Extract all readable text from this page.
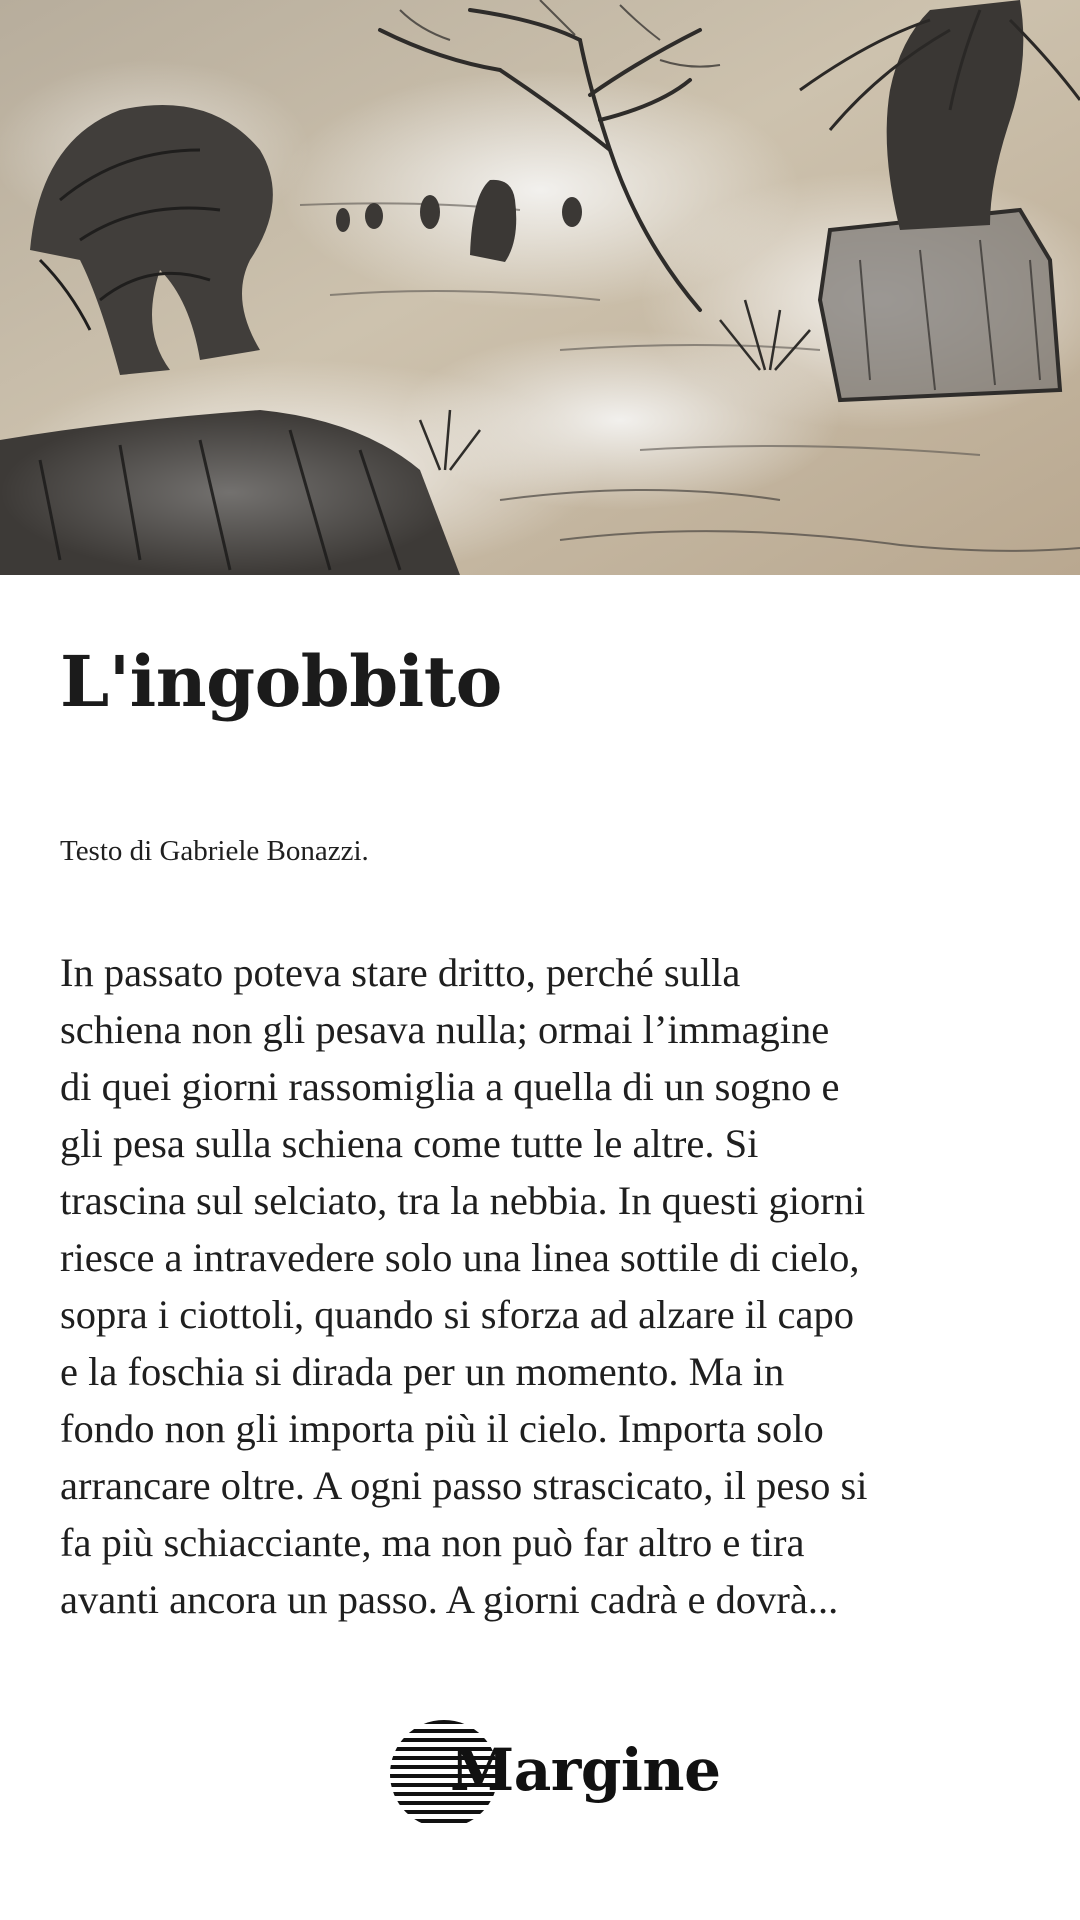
L'ingobbito

Testo di Gabriele Bonazzi.

In passato poteva stare dritto, perché sulla
schiena non gli pesava nulla; ormai l’immagine
di quei giorni rassomiglia a quella di un sogno e
gli pesa sulla schiena come tutte le altre. Si
trascina sul selciato, tra la nebbia. In questi giorni
riesce a intravedere solo una linea sottile di cielo,
sopra i ciottoli, quando si sforza ad alzare il capo
e la foschia si dirada per un momento. Ma in
fondo non gli importa più il cielo. Importa solo
arrancare oltre. A ogni passo strascicato, il peso si
fa più schiacciante, ma non può far altro e tira
avanti ancora un passo. A giorni cadrà e dovrà...
Margine
